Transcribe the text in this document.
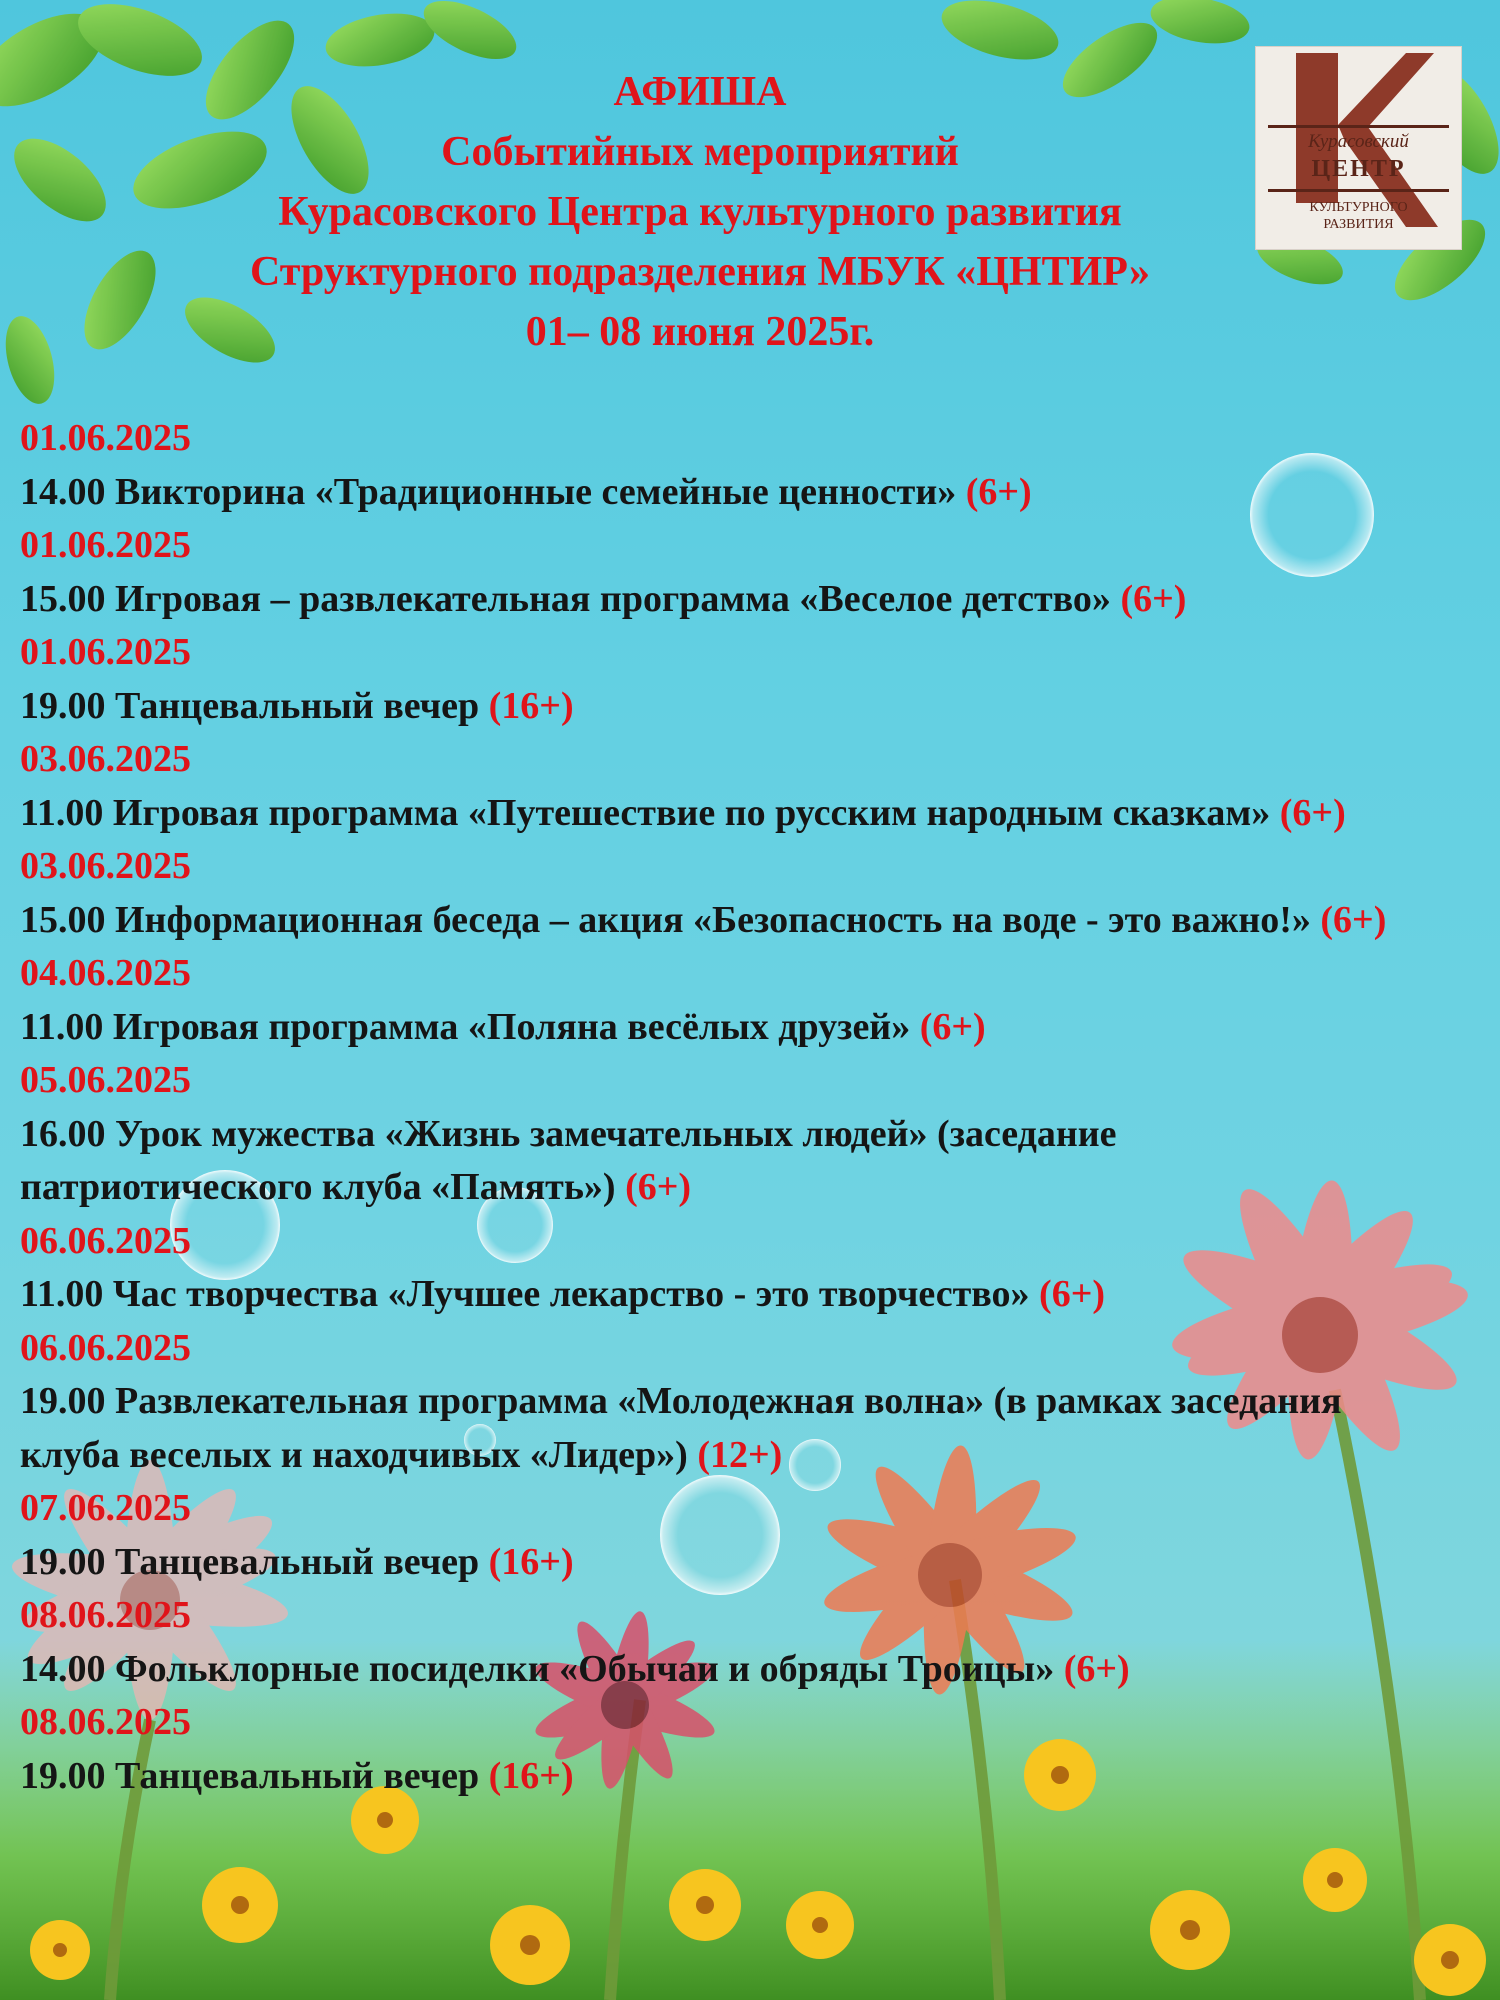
АФИША
Событийных мероприятий
Курасовского Центра культурного развития
Структурного подразделения МБУК «ЦНТИР»
01– 08 июня 2025г.
Курасовский
ЦЕНТР
КУЛЬТУРНОГО
РАЗВИТИЯ
01.06.2025
14.00 Викторина «Традиционные семейные ценности» (6+)
01.06.2025
15.00 Игровая – развлекательная программа «Веселое детство» (6+)
01.06.2025
19.00 Танцевальный вечер (16+)
03.06.2025
11.00 Игровая программа «Путешествие по русским народным сказкам» (6+)
03.06.2025
15.00 Информационная беседа – акция «Безопасность на воде - это важно!» (6+)
04.06.2025
11.00 Игровая программа «Поляна весёлых друзей» (6+)
05.06.2025
16.00 Урок мужества «Жизнь замечательных людей» (заседание патриотического клуба «Память») (6+)
06.06.2025
11.00 Час творчества «Лучшее лекарство - это творчество» (6+)
06.06.2025
19.00 Развлекательная программа «Молодежная волна» (в рамках заседания клуба веселых и находчивых «Лидер») (12+)
07.06.2025
19.00 Танцевальный вечер (16+)
08.06.2025
14.00 Фольклорные посиделки «Обычаи и обряды Троицы» (6+)
08.06.2025
19.00 Танцевальный вечер (16+)
